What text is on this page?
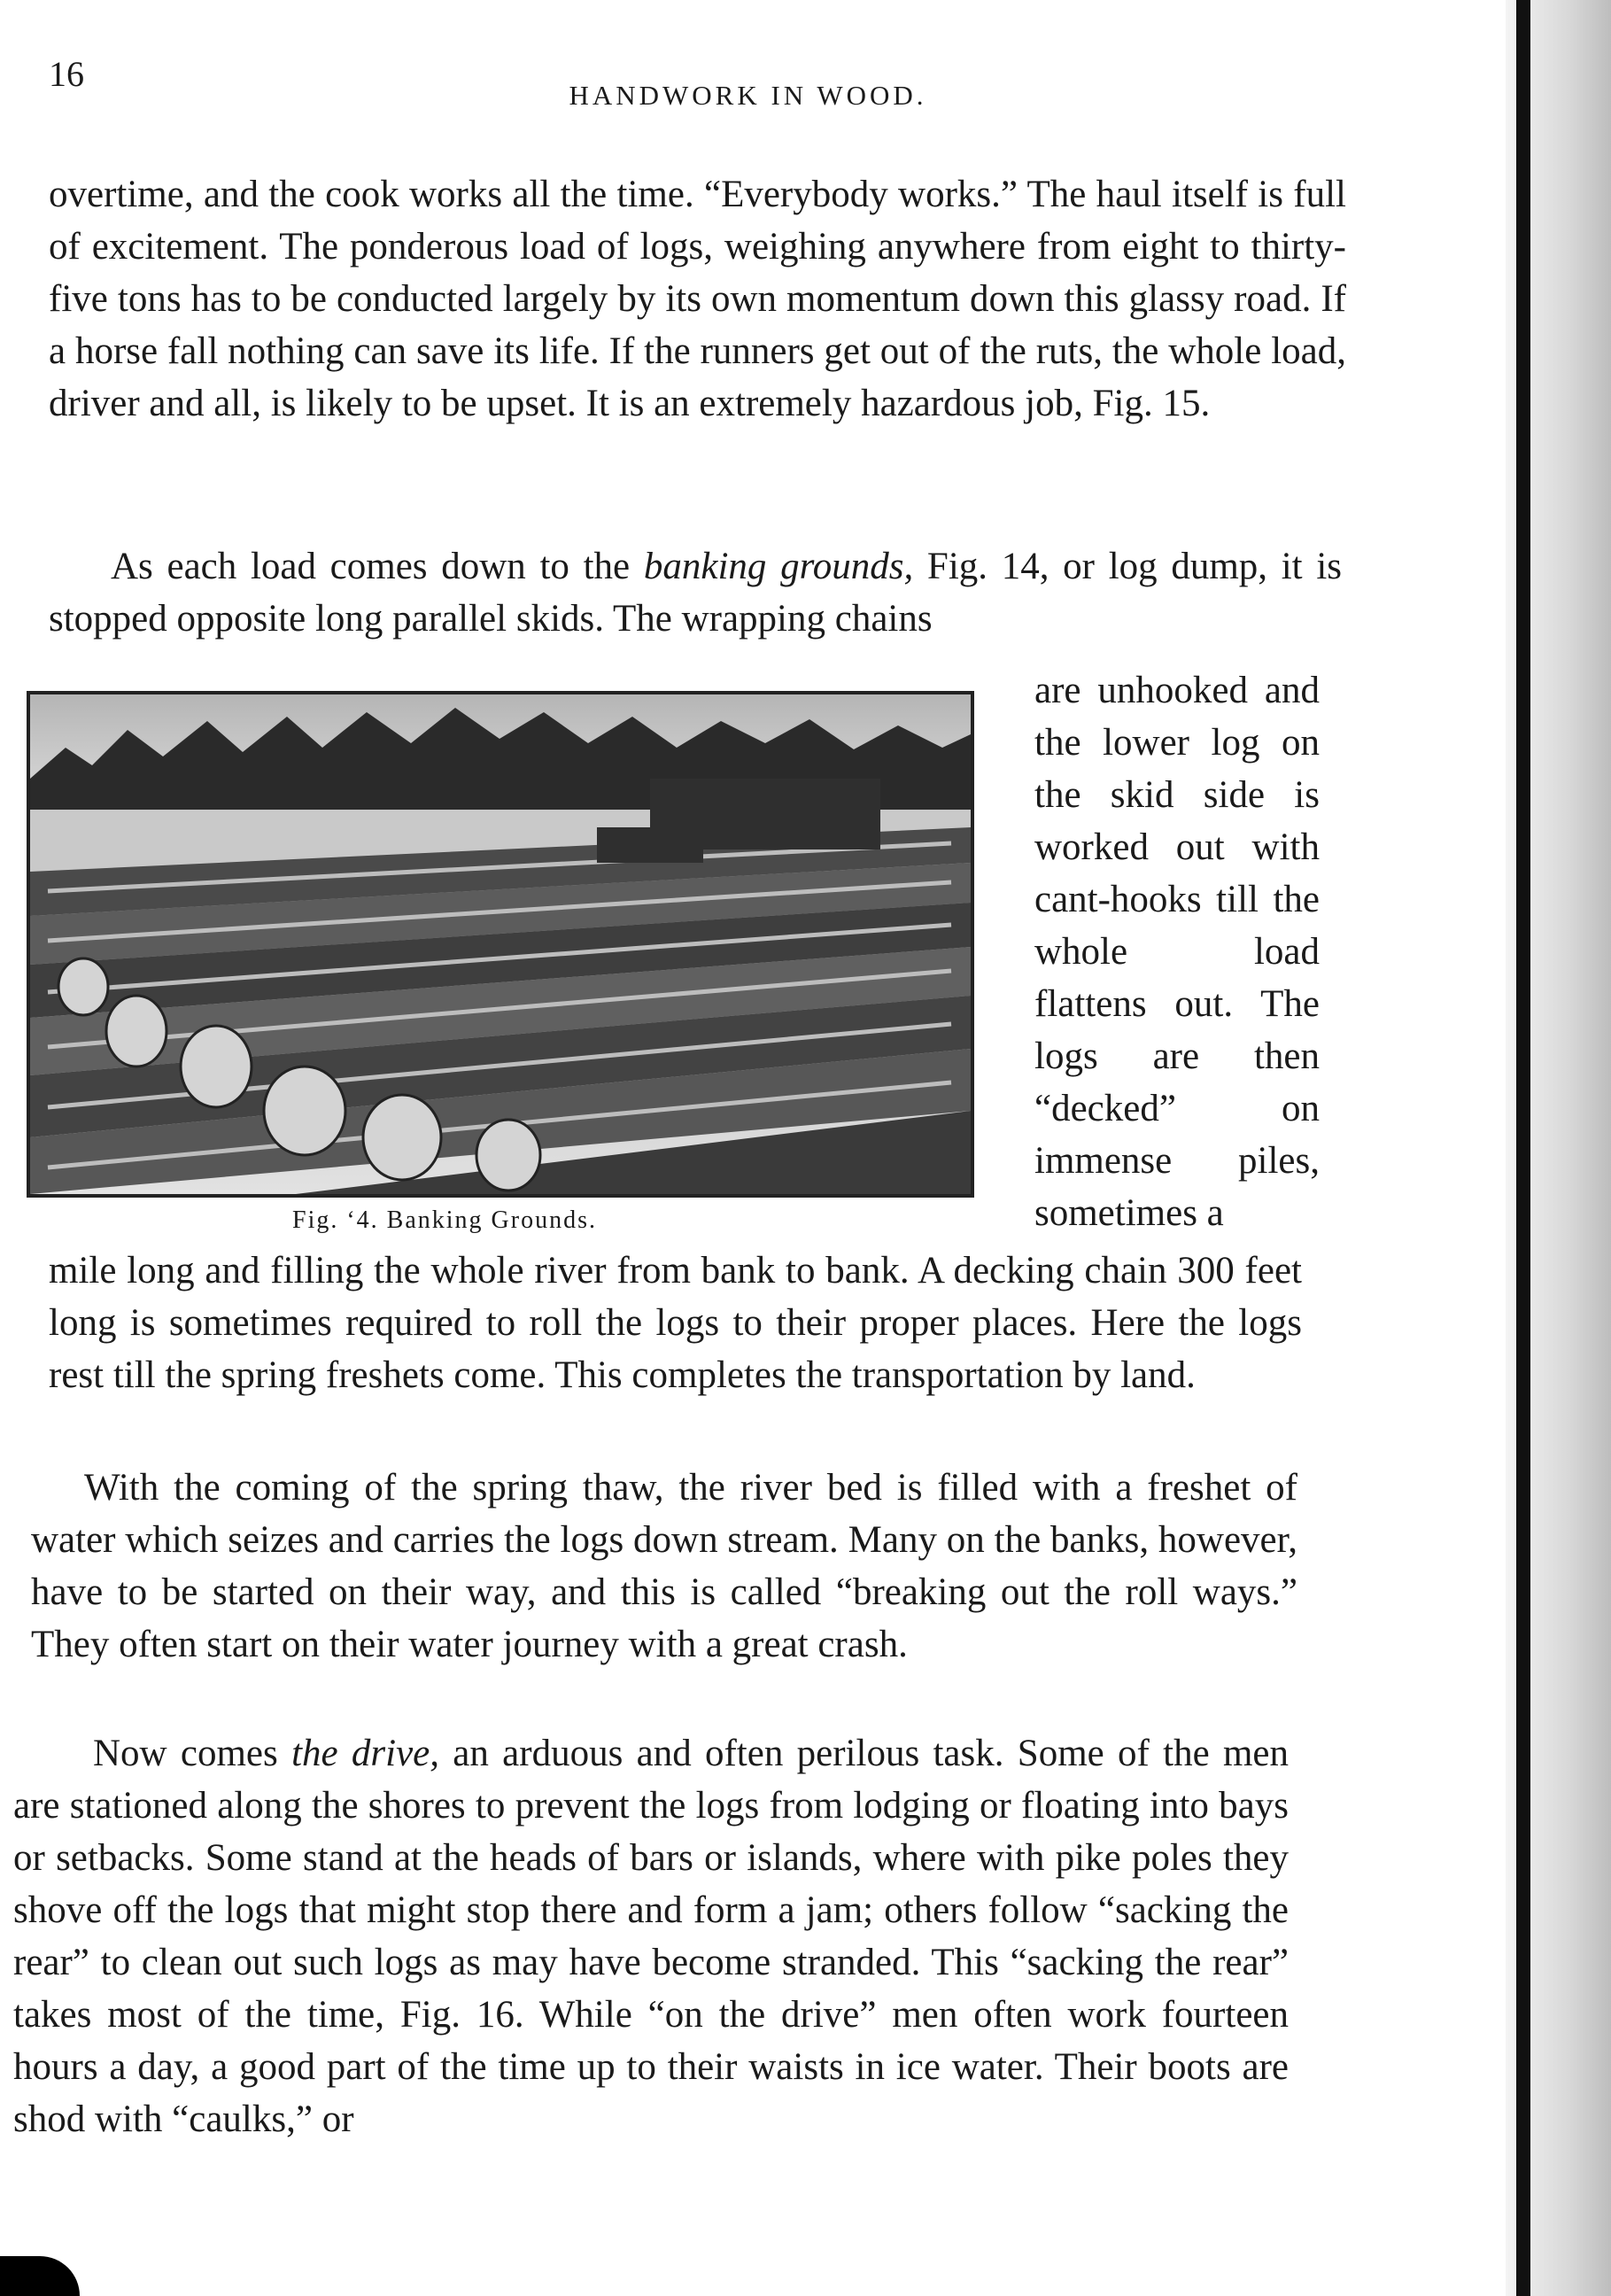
16
HANDWORK IN WOOD.

overtime, and the cook works all the time. “Everybody works.” The haul itself is full of excitement. The ponderous load of logs, weighing anywhere from eight to thirty-five tons has to be conducted largely by its own momentum down this glassy road. If a horse fall nothing can save its life. If the runners get out of the ruts, the whole load, driver and all, is likely to be upset. It is an extremely hazardous job, Fig. 15.

As each load comes down to the banking grounds, Fig. 14, or log dump, it is stopped opposite long parallel skids. The wrapping chains

Fig. ‘4. Banking Grounds.
are unhooked and the lower log on the skid side is worked out with cant-hooks till the whole load flattens out. The logs are then “decked” on immense piles, sometimes a

mile long and filling the whole river from bank to bank. A decking chain 300 feet long is sometimes required to roll the logs to their proper places. Here the logs rest till the spring freshets come. This completes the transportation by land.

With the coming of the spring thaw, the river bed is filled with a freshet of water which seizes and carries the logs down stream. Many on the banks, however, have to be started on their way, and this is called “breaking out the roll ways.” They often start on their water journey with a great crash.

Now comes the drive, an arduous and often perilous task. Some of the men are stationed along the shores to prevent the logs from lodging or floating into bays or setbacks. Some stand at the heads of bars or islands, where with pike poles they shove off the logs that might stop there and form a jam; others follow “sacking the rear” to clean out such logs as may have become stranded. This “sacking the rear” takes most of the time, Fig. 16. While “on the drive” men often work fourteen hours a day, a good part of the time up to their waists in ice water. Their boots are shod with “caulks,” or
